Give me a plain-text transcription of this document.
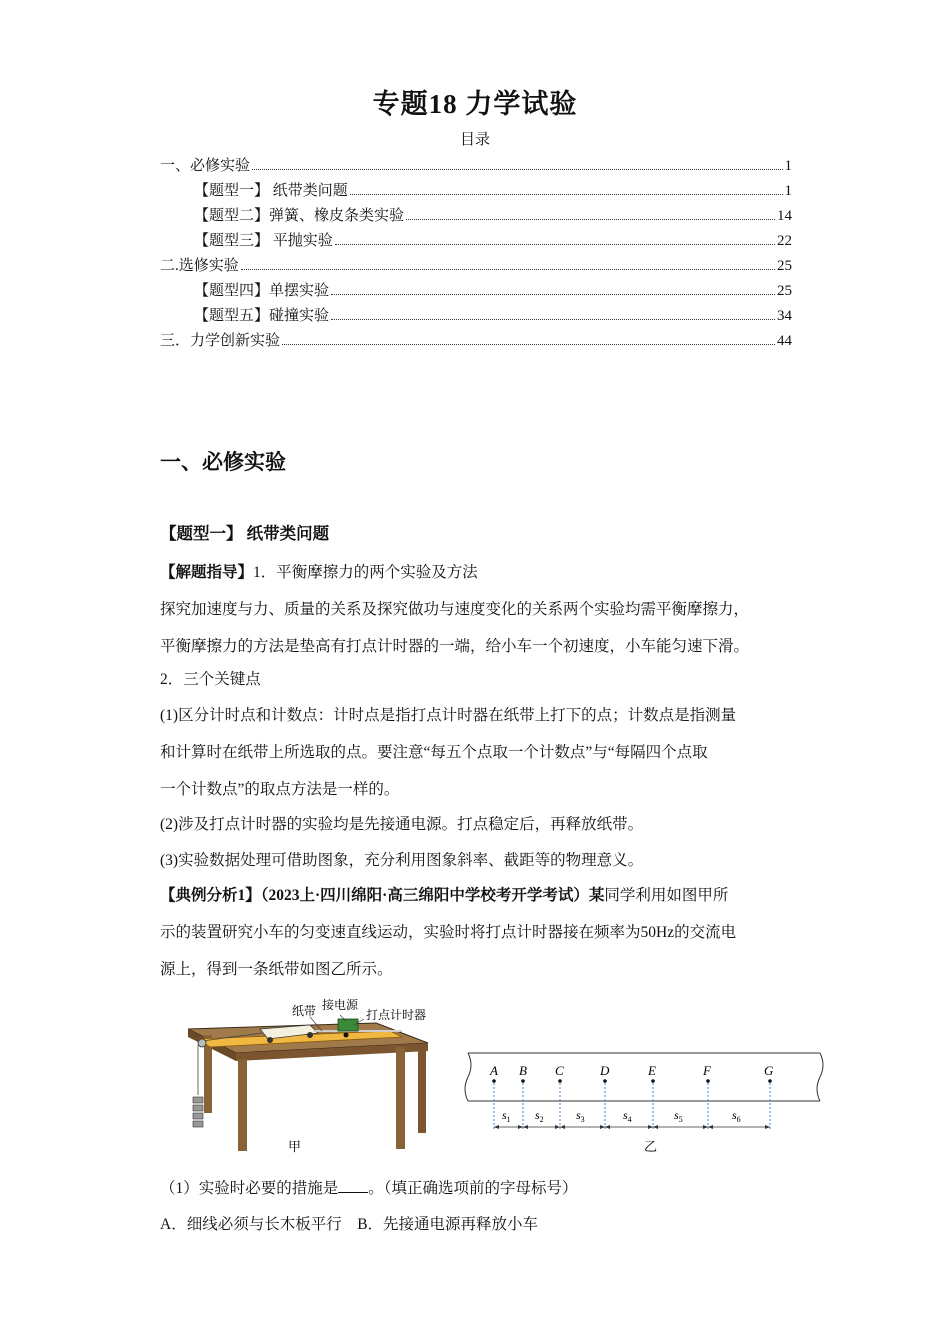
专题18 力学试验
目录
一、必修实验	1
【题型一】 纸带类问题	1
【题型二】弹簧、橡皮条类实验	14
【题型三】 平抛实验	22
二.选修实验	25
【题型四】单摆实验	25
【题型五】碰撞实验	34
三．力学创新实验	44
一、必修实验
【题型一】 纸带类问题
【解题指导】1．平衡摩擦力的两个实验及方法
探究加速度与力、质量的关系及探究做功与速度变化的关系两个实验均需平衡摩擦力，
平衡摩擦力的方法是垫高有打点计时器的一端，给小车一个初速度，小车能匀速下滑。
2．三个关键点
(1)区分计时点和计数点：计时点是指打点计时器在纸带上打下的点；计数点是指测量
和计算时在纸带上所选取的点。要注意“每五个点取一个计数点”与“每隔四个点取
一个计数点”的取点方法是一样的。
(2)涉及打点计时器的实验均是先接通电源。打点稳定后，再释放纸带。
(3)实验数据处理可借助图象，充分利用图象斜率、截距等的物理意义。
【典例分析1】（2023上·四川绵阳·高三绵阳中学校考开学考试）某同学利用如图甲所
示的装置研究小车的匀变速直线运动，实验时将打点计时器接在频率为50Hz的交流电
源上，得到一条纸带如图乙所示。
纸带 接电源
打点计时器
甲
A B C	D	E	F	G
$s_1$ $s_2$	$s_3$	$s_4$	$s_5$	$s_6$
乙
（1）实验时必要的措施是 。（填正确选项前的字母标号）
A．细线必须与长木板平行　B．先接通电源再释放小车
